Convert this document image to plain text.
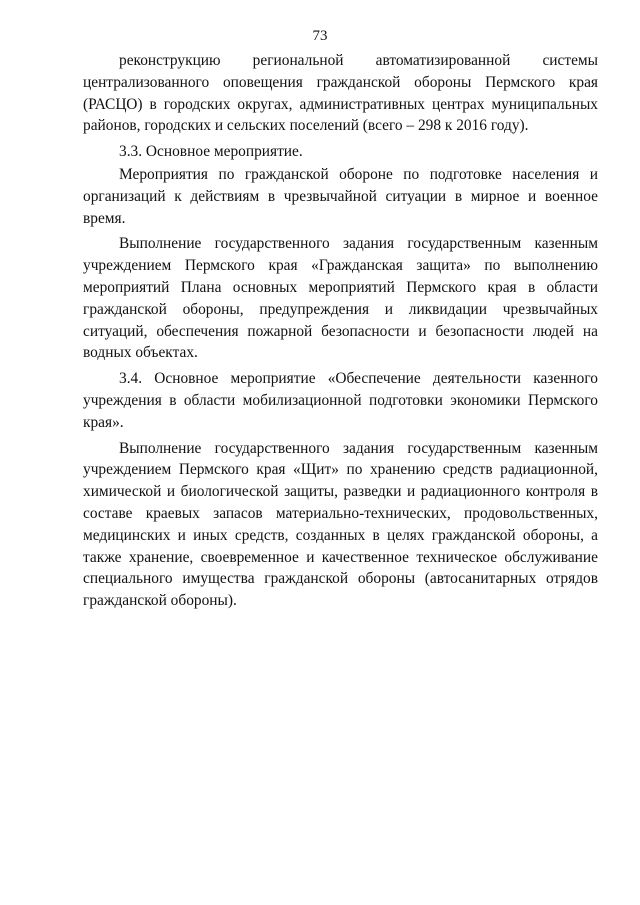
73

реконструкцию региональной автоматизированной системы централизованного оповещения гражданской обороны Пермского края (РАСЦО) в городских округах, административных центрах муниципальных районов, городских и сельских поселений (всего – 298 к 2016 году).

3.3. Основное мероприятие.

Мероприятия по гражданской обороне по подготовке населения и организаций к действиям в чрезвычайной ситуации в мирное и военное время.

Выполнение государственного задания государственным казенным учреждением Пермского края «Гражданская защита» по выполнению мероприятий Плана основных мероприятий Пермского края в области гражданской обороны, предупреждения и ликвидации чрезвычайных ситуаций, обеспечения пожарной безопасности и безопасности людей на водных объектах.

3.4. Основное мероприятие «Обеспечение деятельности казенного учреждения в области мобилизационной подготовки экономики Пермского края».

Выполнение государственного задания государственным казенным учреждением Пермского края «Щит» по хранению средств радиационной, химической и биологической защиты, разведки и радиационного контроля в составе краевых запасов материально-технических, продовольственных, медицинских и иных средств, созданных в целях гражданской обороны, а также хранение, своевременное и качественное техническое обслуживание специального имущества гражданской обороны (автосанитарных отрядов гражданской обороны).
